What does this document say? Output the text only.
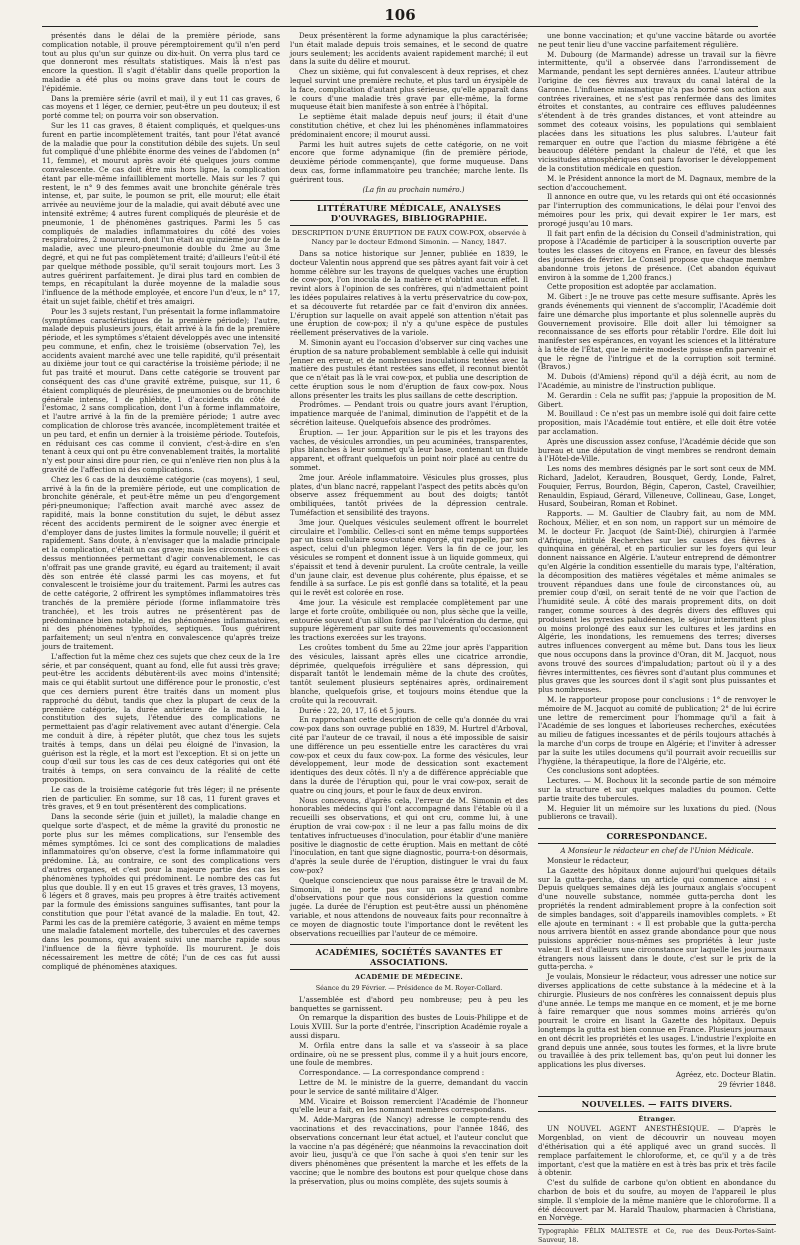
106

présentés dans le délai de la première période, sans complication notable, il prouve péremptoirement qu'il n'en perd tout au plus qu'un sur quinze ou dix-huit. On verra plus tard ce que donneront mes résultats statistiques. Mais là n'est pas encore la question. Il s'agit d'établir dans quelle proportion la maladie a été plus ou moins grave dans tout le cours de l'épidémie.

Dans la première série (avril et mai), il y eut 11 cas graves, 6 cas moyens et 1 léger, ce dernier, peut-être un peu douteux; il est porté comme tel; on pourra voir son observation.

Sur les 11 cas graves, 8 étaient compliqués, et quelques-uns furent en partie incomplètement traités, tant pour l'état avancé de la maladie que pour la constitution débile des sujets. Un seul fut compliqué d'une phlébite énorme des veines de l'abdomen (n° 11, femme), et mourut après avoir été quelques jours comme convalescente. Ce cas doit être mis hors ligne, la complication étant par elle-même infailliblement mortelle. Mais sur les 7 qui restent, le n° 9 des femmes avait une bronchite générale très intense, et, par suite, le poumon se prit, elle mourut; elle était arrivée au neuvième jour de la maladie, qui avait débuté avec une intensité extrême; 4 autres furent compliqués de pleurésie et de pneumonie, 1 de phénomènes gastriques. Parmi les 5 cas compliqués de maladies inflammatoires du côté des voies respiratoires, 2 moururent, dont l'un était au quinzième jour de la maladie, avec une pleuro-pneumonie double du 2me au 3me degré, et qui ne fut pas complètement traité; d'ailleurs l'eût-il été par quelque méthode possible, qu'il serait toujours mort. Les 3 autres guérirent parfaitement. Je dirai plus tard en combien de temps, en récapitulant la durée moyenne de la maladie sous l'influence de la méthode employée, et encore l'un d'eux, le n° 17, était un sujet faible, chétif et très amaigri.

Pour les 3 sujets restant, l'un présentait la forme inflammatoire (symptômes caractéristiques de la première période); l'autre, malade depuis plusieurs jours, était arrivé à la fin de la première période, et les symptômes s'étaient développés avec une intensité peu commune, et enfin, chez le troisième (observation 7e), les accidents avaient marché avec une telle rapidité, qu'il présentait au dixième jour tout ce qui caractérise la troisième période; il ne fut pas traité et mourut. Dans cette catégorie se trouvent par conséquent des cas d'une gravité extrême, puisque, sur 11, 6 étaient compliqués de pleurésies, de pneumonies ou de bronchite générale intense, 1 de phlébite, 1 d'accidents du côté de l'estomac, 2 sans complication, dont l'un à forme inflammatoire, et l'autre arrivé à la fin de la première période; 1 autre avec complication de chlorose très avancée, incomplètement traitée et un peu tard, et enfin un dernier à la troisième période. Toutefois, en réduisant ces cas comme il convient, c'est-à-dire en s'en tenant à ceux qui ont pu être convenablement traités, la mortalité n'y est pour ainsi dire pour rien, ce qui n'enlève rien non plus à la gravité de l'affection ni des complications.

Chez les 6 cas de la deuxième catégorie (cas moyens), 1 seul, arrivé à la fin de la première période, eut une complication de bronchite générale, et peut-être même un peu d'engorgement péri-pneumonique; l'affection avait marché avec assez de rapidité, mais la bonne constitution du sujet, le début assez récent des accidents permirent de le soigner avec énergie et d'employer dans de justes limites la formule nouvelle; il guérit et rapidement. Sans doute, à n'envisager que la maladie principale et la complication, c'était un cas grave; mais les circonstances ci-dessus mentionnées permettant d'agir convenablement, le cas n'offrait pas une grande gravité, eu égard au traitement; il avait dès son entrée été classé parmi les cas moyens, et fut convalescent le troisième jour du traitement. Parmi les autres cas de cette catégorie, 2 offrirent les symptômes inflammatoires très tranchés de la première période (forme inflammatoire très tranchée), et les trois autres ne présentèrent pas de prédominance bien notable, ni des phénomènes inflammatoires, ni des phénomènes typhoïdes, septiques. Tous guérirent parfaitement; un seul n'entra en convalescence qu'après treize jours de traitement.

L'affection fut la même chez ces sujets que chez ceux de la 1re série, et par conséquent, quant au fond, elle fut aussi très grave; peut-être les accidents débutèrent-ils avec moins d'intensité; mais ce qui établit surtout une différence pour le pronostic, c'est que ces derniers purent être traités dans un moment plus rapproché du début, tandis que chez la plupart de ceux de la première catégorie, la durée antérieure de la maladie, la constitution des sujets, l'étendue des complications ne permettaient pas d'agir relativement avec autant d'énergie. Cela me conduit à dire, à répéter plutôt, que chez tous les sujets traités à temps, dans un délai peu éloigné de l'invasion, la guérison est la règle, et la mort est l'exception. Et si on jette un coup d'œil sur tous les cas de ces deux catégories qui ont été traités à temps, on sera convaincu de la réalité de cette proposition.

Le cas de la troisième catégorie fut très léger; il ne présente rien de particulier. En somme, sur 18 cas, 11 furent graves et très graves, et 9 en tout présentèrent des complications.

Dans la seconde série (juin et juillet), la maladie change en quelque sorte d'aspect, et de même la gravité du pronostic ne porte plus sur les mêmes complications, sur l'ensemble des mêmes symptômes. Ici ce sont des complications de maladies inflammatoires qu'on observe, c'est la forme inflammatoire qui prédomine. Là, au contraire, ce sont des complications vers d'autres organes, et c'est pour la majeure partie des cas les phénomènes typhoïdes qui prédominent. Le nombre des cas fut plus que double. Il y en eut 15 graves et très graves, 13 moyens, 6 légers et 8 graves, mais peu propres à être traités activement par la formule des émissions sanguines suffisantes, tant pour la constitution que pour l'état avancé de la maladie. En tout, 42. Parmi les cas de la première catégorie, 3 avaient en même temps une maladie fatalement mortelle, des tubercules et des cavernes dans les poumons, qui avaient suivi une marche rapide sous l'influence de la fièvre typhoïde. Ils moururent. Je dois nécessairement les mettre de côté; l'un de ces cas fut aussi compliqué de phénomènes ataxiques.

Deux présentèrent la forme adynamique la plus caractérisée; l'un était malade depuis trois semaines, et le second de quatre jours seulement; les accidents avaient rapidement marché; il eut dans la suite du délire et mourut.

Chez un sixième, qui fut convalescent à deux reprises, et chez lequel survint une première rechute, et plus tard un érysipèle de la face, complication d'autant plus sérieuse, qu'elle apparaît dans le cours d'une maladie très grave par elle-même, la forme muqueuse était bien manifeste à son entrée à l'hôpital.

Le septième était malade depuis neuf jours; il était d'une constitution chétive, et chez lui les phénomènes inflammatoires prédominaient encore; il mourut aussi.

Parmi les huit autres sujets de cette catégorie, on ne voit encore que forme adynamique (fin de première période, deuxième période commençante), que forme muqueuse. Dans deux cas, forme inflammatoire peu tranchée; marche lente. Ils guérirent tous.

(La fin au prochain numéro.)

LITTÉRATURE MÉDICALE, ANALYSES D'OUVRAGES, BIBLIOGRAPHIE.

DESCRIPTION D'UNE ÉRUPTION DE FAUX COW-POX, observée à Nancy par le docteur Edmond Simonin. — Nancy, 1847.

Dans sa notice historique sur Jenner, publiée en 1839, le docteur Valentin nous apprend que ses pâtres ayant fait voir à cet homme célèbre sur les trayons de quelques vaches une éruption de cow-pox, l'on inocula de la matière et n'obtint aucun effet. Il revint alors à l'opinion de ses confrères, qui n'admettaient point les idées populaires relatives à la vertu préservatrice du cow-pox, et sa découverte fut retardée par ce fait d'environ dix années. L'éruption sur laquelle on avait appelé son attention n'était pas une éruption de cow-pox; il n'y a qu'une espèce de pustules réellement préservatives de la variole.

M. Simonin ayant eu l'occasion d'observer sur cinq vaches une éruption de sa nature probablement semblable à celle qui induisit Jenner en erreur, et de nombreuses inoculations tentées avec la matière des pustules étant restées sans effet, il reconnut bientôt que ce n'était pas là le vrai cow-pox, et publia une description de cette éruption sous le nom d'éruption de faux cow-pox. Nous allons présenter les traits les plus saillans de cette description.

Prodrômes. — Pendant trois ou quatre jours avant l'éruption, impatience marquée de l'animal, diminution de l'appétit et de la sécrétion laiteuse. Quelquefois absence des prodrômes.

Éruption. — 1er jour. Apparition sur le pis et les trayons des vaches, de vésicules arrondies, un peu acuminées, transparentes, plus blanches à leur sommet qu'à leur base, contenant un fluide apparent, et offrant quelquefois un point noir placé au centre du sommet.

2me jour. Aréole inflammatoire. Vésicules plus grosses, plus plates, d'un blanc nacré, rappelant l'aspect des petits abcès qu'on observe assez fréquemment au bout des doigts; tantôt ombiliquées, tantôt privées de la dépression centrale. Tuméfaction et sensibilité des trayons.

3me jour. Quelques vésicules seulement offrent le bourrelet circulaire et l'ombilic. Celles-ci sont en même temps supportées par un tissu cellulaire sous-cutané engorgé, qui rappelle, par son aspect, celui d'un phlegmon léger. Vers la fin de ce jour, les vésicules se rompent et donnent issue à un liquide gommeux, qui s'épaissit et tend à devenir purulent. La croûte centrale, la veille d'un jaune clair, est devenue plus cohérente, plus épaisse, et se fendille à sa surface. Le pis est gonflé dans sa totalité, et la peau qui le revêt est colorée en rose.

4me jour. La vésicule est remplacée complètement par une large et forte croûte, ombiliquée ou non, plus sèche que la veille, entourée souvent d'un sillon formé par l'ulcération du derme, qui suppure légèrement par suite des mouvements qu'occasionnent les tractions exercées sur les trayons.

Les croûtes tombent du 5me au 22me jour après l'apparition des vésicules, laissant après elles une cicatrice arrondie, déprimée, quelquefois irrégulière et sans dépression, qui disparaît tantôt le lendemain même de la chute des croûtes, tantôt seulement plusieurs septénaires après, ordinairement blanche, quelquefois grise, et toujours moins étendue que la croûte qui la recouvrait.

Durée : 22, 20, 17, 16 et 5 jours.

En rapprochant cette description de celle qu'a donnée du vrai cow-pox dans son ouvrage publié en 1839, M. Hurtrel d'Arboval, cité par l'auteur de ce travail, il nous a été impossible de saisir une différence un peu essentielle entre les caractères du vrai cow-pox et ceux du faux cow-pox. La forme des vésicules, leur développement, leur mode de dessication sont exactement identiques des deux côtés. Il n'y a de différence appréciable que dans la durée de l'éruption qui, pour le vrai cow-pox, serait de quatre ou cinq jours, et pour le faux de deux environ.

Nous concevons, d'après cela, l'erreur de M. Simonin et des honorables médecins qui l'ont accompagné dans l'étable où il a recueilli ses observations, et qui ont cru, comme lui, à une éruption de vrai cow-pox : il ne leur a pas fallu moins de dix tentatives infructueuses d'inoculation, pour établir d'une manière positive le diagnostic de cette éruption. Mais en mettant de côté l'inoculation, en tant que signe diagnostic, pourra-t-on désormais, d'après la seule durée de l'éruption, distinguer le vrai du faux cow-pox?

Quelque consciencieux que nous paraisse être le travail de M. Simonin, il ne porte pas sur un assez grand nombre d'observations pour que nous considérions la question comme jugée. La durée de l'éruption est peut-être aussi un phénomène variable, et nous attendons de nouveaux faits pour reconnaître à ce moyen de diagnostic toute l'importance dont le revêtent les observations recueillies par l'auteur de ce mémoire.

ACADÉMIES, SOCIÉTÉS SAVANTES ET ASSOCIATIONS.
ACADÉMIE DE MÉDECINE.
Séance du 29 Février. — Présidence de M. Royer-Collard.

L'assemblée est d'abord peu nombreuse; peu à peu les banquettes se garnissent.

On remarque la disparition des bustes de Louis-Philippe et de Louis XVIII. Sur la porte d'entrée, l'inscription Académie royale a aussi disparu.

M. Orfila entre dans la salle et va s'asseoir à sa place ordinaire, où ne se pressent plus, comme il y a huit jours encore, une foule de membres.

Correspondance. — La correspondance comprend :

Lettre de M. le ministre de la guerre, demandant du vaccin pour le service de santé militaire d'Alger.

MM. Vicaire et Boisson remercient l'Académie de l'honneur qu'elle leur a fait, en les nommant membres correspondans.

M. Adde-Margras (de Nancy) adresse le compte-rendu des vaccinations et des revaccinations, pour l'année 1846, des observations concernant leur état actuel, et l'auteur conclut que la vaccine n'a pas dégénéré; que néanmoins la revaccination doit avoir lieu, jusqu'à ce que l'on sache à quoi s'en tenir sur les divers phénomènes que présentent la marche et les effets de la vaccine; que le nombre des boutons est pour quelque chose dans la préservation, plus ou moins complète, des sujets soumis à

une bonne vaccination; et qu'une vaccine bâtarde ou avortée ne peut tenir lieu d'une vaccine parfaitement régulière.

M. Dubourg (de Marmande) adresse un travail sur la fièvre intermittente, qu'il a observée dans l'arrondissement de Marmande, pendant les sept dernières années. L'auteur attribue l'origine de ces fièvres aux travaux du canal latéral de la Garonne. L'influence miasmatique n'a pas borné son action aux contrées riveraines, et ne s'est pas renfermée dans des limites étroites et constantes, au contraire ces effluves paludéennes s'étendent à de très grandes distances, et vont atteindre au sommet des coteaux voisins, les populations qui semblaient placées dans les situations les plus salubres. L'auteur fait remarquer en outre que l'action du miasme fébrigène a été beaucoup délétère pendant la chaleur de l'été, et que les vicissitudes atmosphériques ont paru favoriser le développement de la constitution médicale en question.

M. le Président annonce la mort de M. Dagnaux, membre de la section d'accouchement.

Il annonce en outre que, vu les retards qui ont été occasionnés par l'interruption des communications, le délai pour l'envoi des mémoires pour les prix, qui devait expirer le 1er mars, est prorogé jusqu'au 10 mars.

Il fait part enfin de la décision du Conseil d'administration, qui propose à l'Académie de participer à la souscription ouverte par toutes les classes de citoyens en France, en faveur des blessés des journées de février. Le Conseil propose que chaque membre abandonne trois jetons de présence. (Cet abandon équivaut environ à la somme de 1,200 francs.)

Cette proposition est adoptée par acclamation.

M. Gibert : Je ne trouve pas cette mesure suffisante. Après les grands événements qui viennent de s'accomplir, l'Académie doit faire une démarche plus importante et plus solennelle auprès du Gouvernement provisoire. Elle doit aller lui témoigner sa reconnaissance de ses efforts pour rétablir l'ordre. Elle doit lui manifester ses espérances, en voyant les sciences et la littérature à la tête de l'État, que le mérite modeste puisse enfin parvenir et que le règne de l'intrigue et de la corruption soit terminé. (Bravos.)

M. Dubois (d'Amiens) répond qu'il a déjà écrit, au nom de l'Académie, au ministre de l'instruction publique.

M. Gerardin : Cela ne suffit pas; j'appuie la proposition de M. Gibert.

M. Bouillaud : Ce n'est pas un membre isolé qui doit faire cette proposition, mais l'Académie tout entière, et elle doit être votée par acclamation.

Après une discussion assez confuse, l'Académie décide que son bureau et une députation de vingt membres se rendront demain à l'Hôtel-de-Ville.

Les noms des membres désignés par le sort sont ceux de MM. Richard, Jadelot, Keraudren, Bousquet, Gerdy, Londe, Falret, Fouquier, Ferrus, Bourdon, Bégin, Caperon, Castel, Craveilhier, Renauldin, Espiaud, Gérard, Villeneuve, Collineau, Gase, Longet, Husard, Soubeiran, Roman et Robinet.

Rapports. — M. Gaultier de Claubry fait, au nom de MM. Rochoux, Mélier, et en son nom, un rapport sur un mémoire de M. le docteur Fr. Jacquot (de Saint-Dié), chirurgien à l'armée d'Afrique, intitulé Recherches sur les causes des fièvres à quinquina en général, et en particulier sur les foyers qui leur donnent naissance en Algérie. L'auteur entreprend de démontrer qu'en Algérie la condition essentielle du marais type, l'altération, la décomposition des matières végétales et même animales se trouvent répandues dans une foule de circonstances où, au premier coup d'œil, on serait tenté de ne voir que l'action de l'humidité seule. À côté des marais proprement dits, on doit ranger, comme sources à des degrés divers des effluves qui produisent les pyrexies paludéennes, le séjour intermittent plus ou moins prolongé des eaux sur les cultures et les jardins en Algérie, les inondations, les remuemens des terres; diverses autres influences convergent au même but. Dans tous les lieux que nous occupons dans la province d'Oran, dit M. Jacquot, nous avons trouvé des sources d'impaludation; partout où il y a des fièvres intermittentes, ces fièvres sont d'autant plus communes et plus graves que les sources dont il s'agit sont plus puissantes et plus nombreuses.

M. le rapporteur propose pour conclusions : 1° de renvoyer le mémoire de M. Jacquot au comité de publication; 2° de lui écrire une lettre de remerciment pour l'hommage qu'il a fait à l'Académie de ses longues et laborieuses recherches, exécutées au milieu de fatigues incessantes et de périls toujours attachés à la marche d'un corps de troupe en Algérie; et l'inviter à adresser par la suite les utiles documens qu'il pourrait avoir recueillis sur l'hygiène, la thérapeutique, la flore de l'Algérie, etc.

Ces conclusions sont adoptées.

Lectures. — M. Bochoux lit la seconde partie de son mémoire sur la structure et sur quelques maladies du poumon. Cette partie traite des tubercules.

M. Heguier lit un mémoire sur les luxations du pied. (Nous publierons ce travail).

CORRESPONDANCE.

A Monsieur le rédacteur en chef de l'Union Médicale.

Monsieur le rédacteur,

La Gazette des hôpitaux donne aujourd'hui quelques détails sur la gutta-percha, dans un article qui commence ainsi : « Depuis quelques semaines déjà les journaux anglais s'occupent d'une nouvelle substance, nommée gutta-percha dont les propriétés la rendent admirablement propre à la confection soit de simples bandages, soit d'appareils inamovibles complets. » Et elle ajoute en terminant : « Il est probable que la gutta-percha nous arrivera bientôt en assez grande abondance pour que nous puissions apprécier nous-mêmes ses propriétés à leur juste valeur. Il est d'ailleurs une circonstance sur laquelle les journaux étrangers nous laissent dans le doute, c'est sur le prix de la gutta-percha. »

Je voulais, Monsieur le rédacteur, vous adresser une notice sur diverses applications de cette substance à la médecine et à la chirurgie. Plusieurs de nos confrères les connaissent depuis plus d'une année. Le temps me manque en ce moment, et je me borne à faire remarquer que nous sommes moins arriérés qu'on pourrait le croire en lisant la Gazette des hôpitaux. Depuis longtemps la gutta est bien connue en France. Plusieurs journaux en ont décrit les propriétés et les usages. L'industrie l'exploite en grand depuis une année, sous toutes les formes, et la livre brute ou travaillée à des prix tellement bas, qu'on peut lui donner les applications les plus diverses.

Agréez, etc. Docteur Blatin.

29 février 1848.

NOUVELLES. — FAITS DIVERS.
Étranger.

UN NOUVEL AGENT ANESTHÉSIQUE. — D'après le Morgenblad, on vient de découvrir un nouveau moyen d'éthérisation qui a été appliqué avec un grand succès. Il remplace parfaitement le chloroforme, et, ce qu'il y a de très important, c'est que la matière en est à très bas prix et très facile à obtenir.

C'est du sulfide de carbone qu'on obtient en abondance du charbon de bois et du soufre, au moyen de l'appareil le plus simple. Il s'emploie de la même manière que le chloroforme. Il a été découvert par M. Harald Thaulow, pharmacien à Christiana, en Norvège.

Typographie FÉLIX MALTESTE et Ce, rue des Deux-Portes-Saint-Sauveur, 18.
